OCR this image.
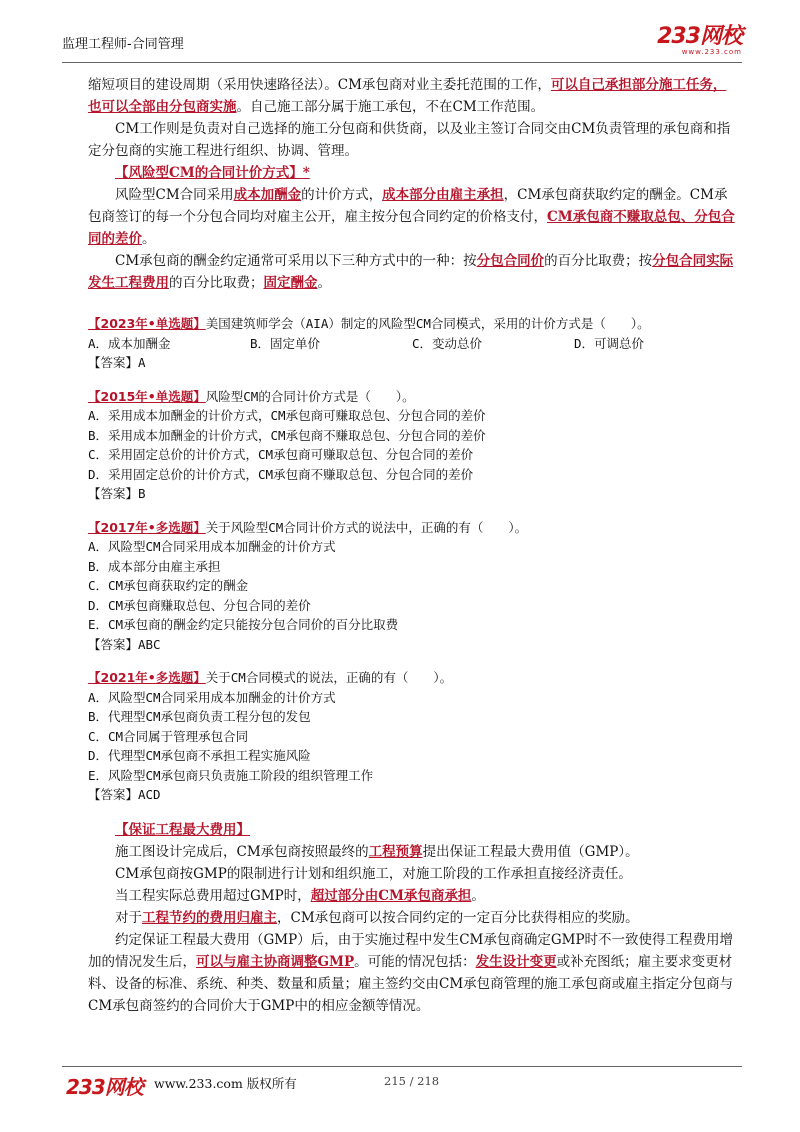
监理工程师-合同管理	233网校
www.233.com

缩短项目的建设周期（采用快速路径法）。CM承包商对业主委托范围的工作，可以自己承担部分施工任务，也可以全部由分包商实施。自己施工部分属于施工承包，不在CM工作范围。

CM工作则是负责对自己选择的施工分包商和供货商，以及业主签订合同交由CM负责管理的承包商和指定分包商的实施工程进行组织、协调、管理。

【风险型CM的合同计价方式】*

风险型CM合同采用成本加酬金的计价方式，成本部分由雇主承担，CM承包商获取约定的酬金。CM承包商签订的每一个分包合同均对雇主公开，雇主按分包合同约定的价格支付，CM承包商不赚取总包、分包合同的差价。

CM承包商的酬金约定通常可采用以下三种方式中的一种：按分包合同价的百分比取费；按分包合同实际发生工程费用的百分比取费；固定酬金。

【2023年•单选题】美国建筑师学会（AIA）制定的风险型CM合同模式，采用的计价方式是（　　）。
A．成本加酬金	B．固定单价	C．变动总价	D．可调总价
【答案】A
【2015年•单选题】风险型CM的合同计价方式是（　　）。
A．采用成本加酬金的计价方式，CM承包商可赚取总包、分包合同的差价
B．采用成本加酬金的计价方式，CM承包商不赚取总包、分包合同的差价
C．采用固定总价的计价方式，CM承包商可赚取总包、分包合同的差价
D．采用固定总价的计价方式，CM承包商不赚取总包、分包合同的差价
【答案】B
【2017年•多选题】关于风险型CM合同计价方式的说法中，正确的有（　　）。
A．风险型CM合同采用成本加酬金的计价方式
B．成本部分由雇主承担
C．CM承包商获取约定的酬金
D．CM承包商赚取总包、分包合同的差价
E．CM承包商的酬金约定只能按分包合同价的百分比取费
【答案】ABC
【2021年•多选题】关于CM合同模式的说法，正确的有（　　）。
A．风险型CM合同采用成本加酬金的计价方式
B．代理型CM承包商负责工程分包的发包
C．CM合同属于管理承包合同
D．代理型CM承包商不承担工程实施风险
E．风险型CM承包商只负责施工阶段的组织管理工作
【答案】ACD

【保证工程最大费用】

施工图设计完成后，CM承包商按照最终的工程预算提出保证工程最大费用值（GMP）。

CM承包商按GMP的限制进行计划和组织施工，对施工阶段的工作承担直接经济责任。

当工程实际总费用超过GMP时，超过部分由CM承包商承担。

对于工程节约的费用归雇主，CM承包商可以按合同约定的一定百分比获得相应的奖励。

约定保证工程最大费用（GMP）后，由于实施过程中发生CM承包商确定GMP时不一致使得工程费用增加的情况发生后，可以与雇主协商调整GMP。可能的情况包括：发生设计变更或补充图纸；雇主要求变更材料、设备的标准、系统、种类、数量和质量；雇主签约交由CM承包商管理的施工承包商或雇主指定分包商与CM承包商签约的合同价大于GMP中的相应金额等情况。

233网校 www.233.com 版权所有	215 / 218
